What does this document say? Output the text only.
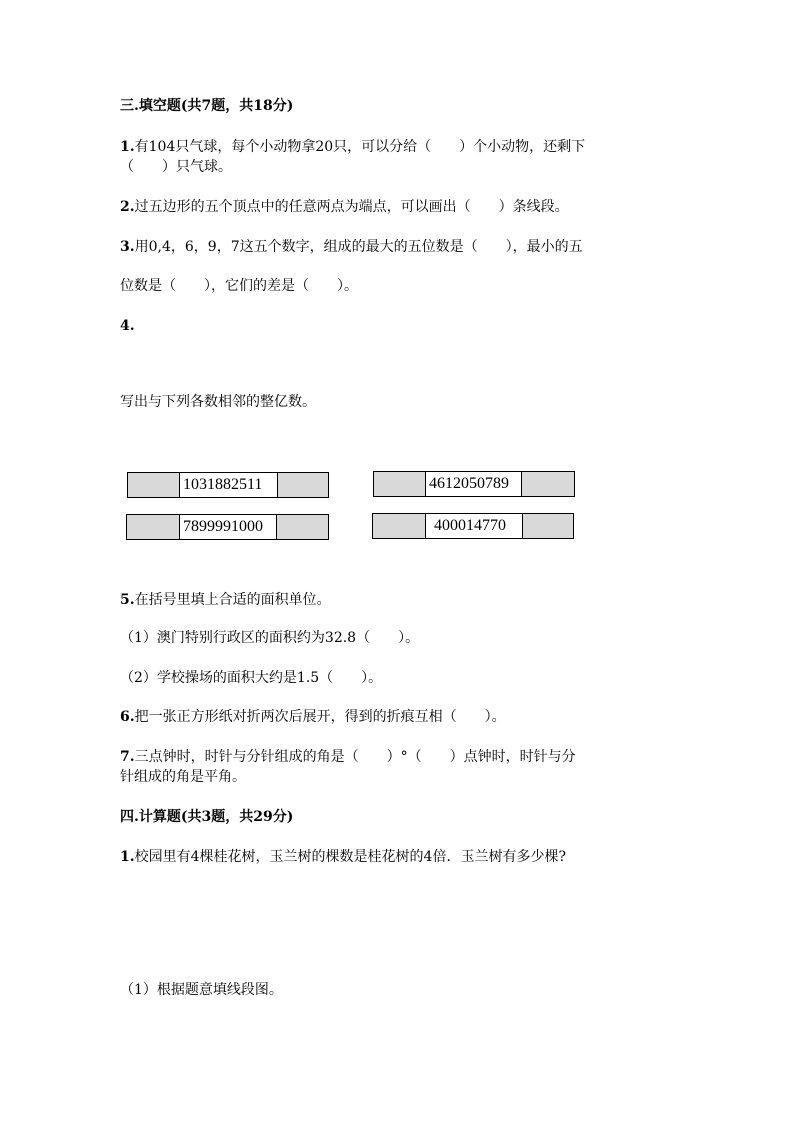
三.填空题(共7题，共18分)
1.有104只气球，每个小动物拿20只，可以分给（　　）个小动物，还剩下
（　　）只气球。
2.过五边形的五个顶点中的任意两点为端点，可以画出（　　）条线段。
3.用0,4，6，9，7这五个数字，组成的最大的五位数是（　　），最小的五
位数是（　　），它们的差是（　　）。
4.
写出与下列各数相邻的整亿数。
1031882511	4612050789
7899991000	400014770
5.在括号里填上合适的面积单位。
（1）澳门特别行政区的面积约为32.8（　　）。
（2）学校操场的面积大约是1.5（　　）。
6.把一张正方形纸对折两次后展开，得到的折痕互相（　　）。
7.三点钟时，时针与分针组成的角是（　　）°（　　）点钟时，时针与分
针组成的角是平角。
四.计算题(共3题，共29分)
1.校园里有4棵桂花树，玉兰树的棵数是桂花树的4倍．玉兰树有多少棵?
（1）根据题意填线段图。
